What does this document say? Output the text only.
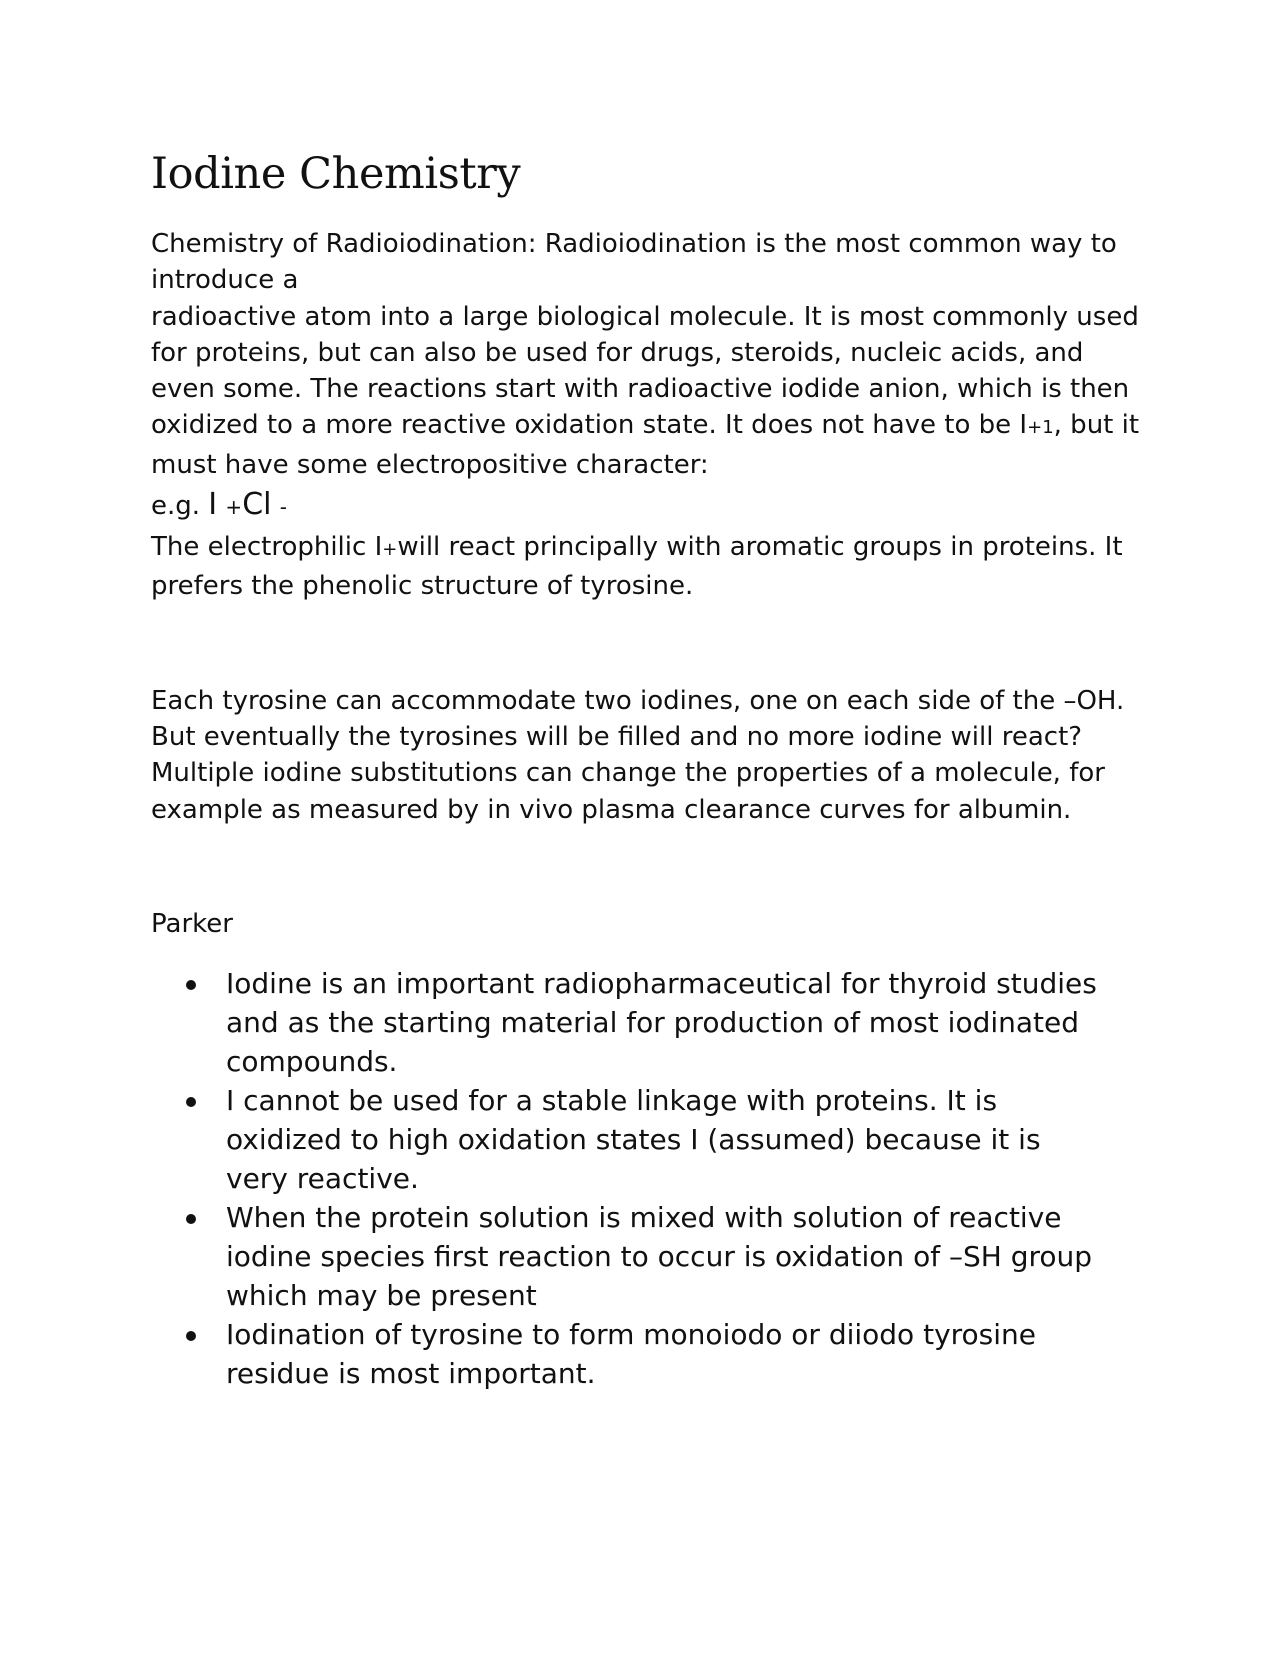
Iodine Chemistry

Chemistry of Radioiodination: Radioiodination is the most common way to introduce a

radioactive atom into a large biological molecule. It is most commonly used for proteins, but can also be used for drugs, steroids, nucleic acids, and even some. The reactions start with radioactive iodide anion, which is then oxidized to a more reactive oxidation state. It does not have to be I+1, but it must have some electropositive character:

e.g. I +Cl -

The electrophilic I+will react principally with aromatic groups in proteins. It prefers the phenolic structure of tyrosine.

Each tyrosine can accommodate two iodines, one on each side of the –OH. But eventually the tyrosines will be filled and no more iodine will react?

Multiple iodine substitutions can change the properties of a molecule, for example as measured by in vivo plasma clearance curves for albumin.

Parker

Iodine is an important radiopharmaceutical for thyroid studies and as the starting material for production of most iodinated compounds.
I cannot be used for a stable linkage with proteins. It is oxidized to high oxidation states I (assumed) because it is very reactive.
When the protein solution is mixed with solution of reactive iodine species first reaction to occur is oxidation of –SH group which may be present
Iodination of tyrosine to form monoiodo or diiodo tyrosine residue is most important.
